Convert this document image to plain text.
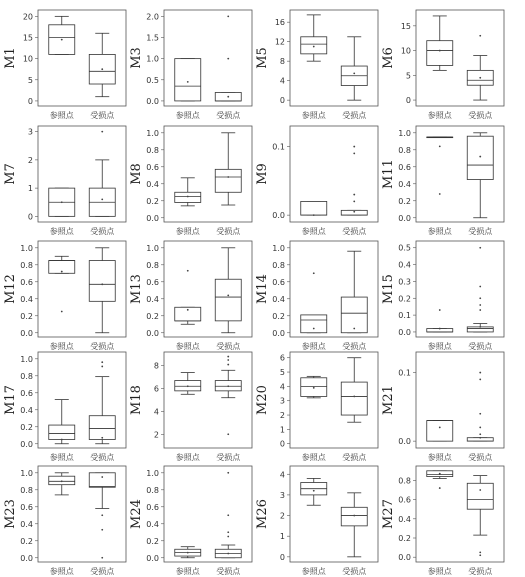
0
5
10
15
20
M1
参照点 受损点
0.0
0.5
1.0
1.5
2.0
M3
参照点 受损点
0
4
8
12
16
M5
参照点 受损点
0
5
10
15
M6
参照点 受损点
0
1
2
3
M7
参照点 受损点
0.0
0.2
0.4
0.6
0.8
1.0
M8
参照点 受损点
0.0
0.1
M9
参照点 受损点
0.0
0.2
0.4
0.6
0.8
1.0
M11
参照点 受损点
0.0
0.2
0.4
0.6
0.8
1.0
M12
参照点 受损点
0.0
0.2
0.4
0.6
0.8
1.0
M13
参照点 受损点
0.0
0.2
0.4
0.6
0.8
1.0
M14
参照点 受损点
0.0
0.1
0.2
0.3
0.4
0.5
M15
参照点 受损点
0.0
0.2
0.4
0.6
0.8
1.0
M17
参照点 受损点
2
4
6
8
M18
参照点 受损点
0
1
2
3
4
5
6
M20
参照点 受损点
0.0
0.1
M21
参照点 受损点
0.0
0.2
0.4
0.6
0.8
1.0
M23
参照点 受损点
0.0
0.2
0.4
0.6
0.8
1.0
M24
参照点 受损点
0
1
2
3
4
M26
参照点 受损点
0.0
0.2
0.4
0.6
0.8
M27
参照点 受损点
